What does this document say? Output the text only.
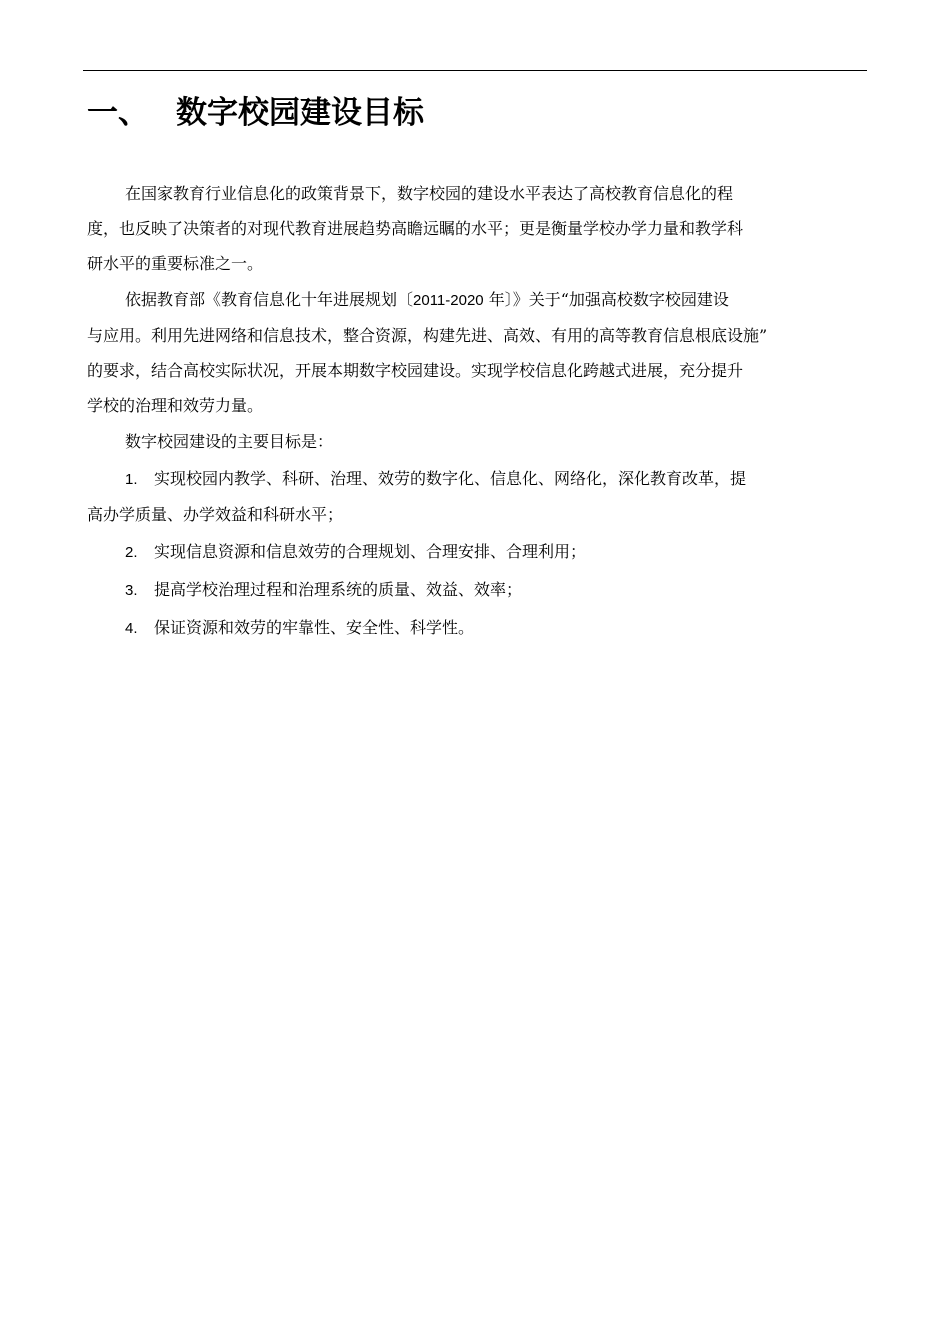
一、 数字校园建设目标

在国家教育行业信息化的政策背景下，数字校园的建设水平表达了高校教育信息化的程
度，也反映了决策者的对现代教育进展趋势高瞻远瞩的水平；更是衡量学校办学力量和教学科
研水平的重要标准之一。

依据教育部《教育信息化十年进展规划〔2011-2020 年〕》关于“加强高校数字校园建设
与应用。利用先进网络和信息技术，整合资源，构建先进、高效、有用的高等教育信息根底设施”
的要求，结合高校实际状况，开展本期数字校园建设。实现学校信息化跨越式进展，充分提升
学校的治理和效劳力量。

数字校园建设的主要目标是：

1. 实现校园内教学、科研、治理、效劳的数字化、信息化、网络化，深化教育改革，提
高办学质量、办学效益和科研水平；
2. 实现信息资源和信息效劳的合理规划、合理安排、合理利用；
3. 提高学校治理过程和治理系统的质量、效益、效率；
4. 保证资源和效劳的牢靠性、安全性、科学性。
